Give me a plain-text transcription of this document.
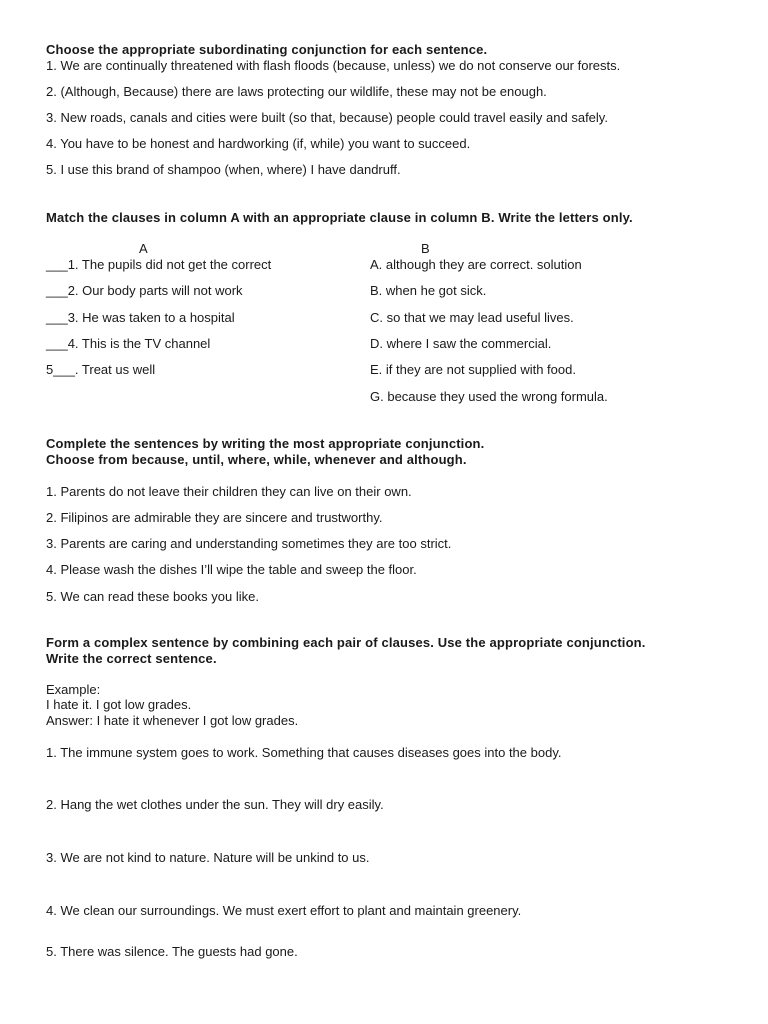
Choose the appropriate subordinating conjunction for each sentence.
1. We are continually threatened with flash floods (because, unless) we do not conserve our forests.
2. (Although, Because) there are laws protecting our wildlife, these may not be enough.
3. New roads, canals and cities were built (so that, because) people could travel easily and safely.
4. You have to be honest and hardworking (if, while) you want to succeed.
5. I use this brand of shampoo (when, where) I have dandruff.
Match the clauses in column A with an appropriate clause in column B. Write the letters only.
A	B
___1. The pupils did not get the correct
___2. Our body parts will not work
___3. He was taken to a hospital
___4. This is the TV channel
5___. Treat us well
A. although they are correct. solution
B. when he got sick.
C. so that we may lead useful lives.
D. where I saw the commercial.
E. if they are not supplied with food.
G. because they used the wrong formula.
Complete the sentences by writing the most appropriate conjunction.
Choose from because, until, where, while, whenever and although.
1. Parents do not leave their children they can live on their own.
2. Filipinos are admirable they are sincere and trustworthy.
3. Parents are caring and understanding sometimes they are too strict.
4. Please wash the dishes I’ll wipe the table and sweep the floor.
5. We can read these books you like.
Form a complex sentence by combining each pair of clauses. Use the appropriate conjunction.
Write the correct sentence.
Example:
I hate it. I got low grades.
Answer: I hate it whenever I got low grades.
1. The immune system goes to work. Something that causes diseases goes into the body.
2. Hang the wet clothes under the sun. They will dry easily.
3. We are not kind to nature. Nature will be unkind to us.
4. We clean our surroundings. We must exert effort to plant and maintain greenery.
5. There was silence. The guests had gone.
